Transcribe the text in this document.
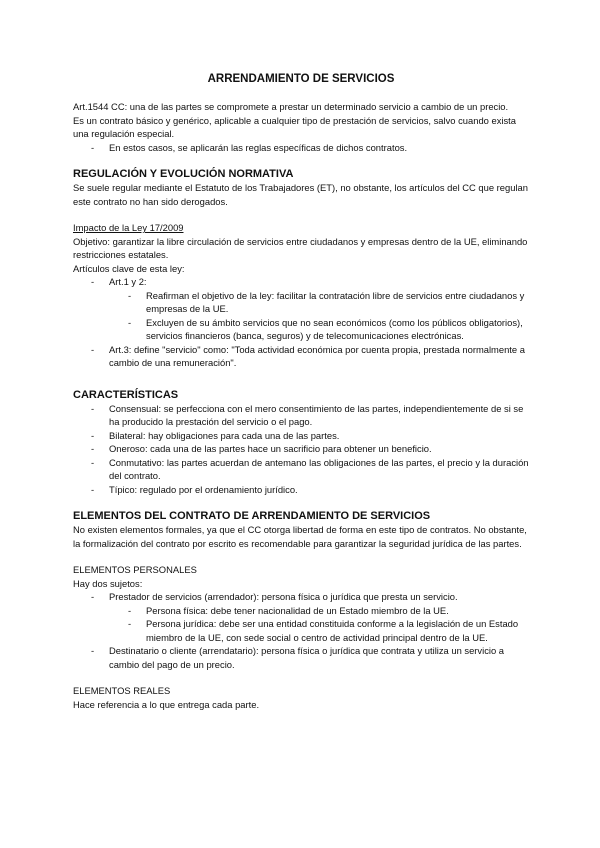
ARRENDAMIENTO DE SERVICIOS

Art.1544 CC: una de las partes se compromete a prestar un determinado servicio a cambio de un precio.

Es un contrato básico y genérico, aplicable a cualquier tipo de prestación de servicios, salvo cuando exista una regulación especial.

- En estos casos, se aplicarán las reglas específicas de dichos contratos.
REGULACIÓN Y EVOLUCIÓN NORMATIVA

Se suele regular mediante el Estatuto de los Trabajadores (ET), no obstante, los artículos del CC que regulan este contrato no han sido derogados.

Impacto de la Ley 17/2009

Objetivo: garantizar la libre circulación de servicios entre ciudadanos y empresas dentro de la UE, eliminando restricciones estatales.

Artículos clave de esta ley:

- Art.1 y 2:
- Reafirman el objetivo de la ley: facilitar la contratación libre de servicios entre ciudadanos y empresas de la UE.
- Excluyen de su ámbito servicios que no sean económicos (como los públicos obligatorios), servicios financieros (banca, seguros) y de telecomunicaciones electrónicas.
- Art.3: define "servicio" como: "Toda actividad económica por cuenta propia, prestada normalmente a cambio de una remuneración".
CARACTERÍSTICAS
- Consensual: se perfecciona con el mero consentimiento de las partes, independientemente de si se ha producido la prestación del servicio o el pago.
- Bilateral: hay obligaciones para cada una de las partes.
- Oneroso: cada una de las partes hace un sacrificio para obtener un beneficio.
- Conmutativo: las partes acuerdan de antemano las obligaciones de las partes, el precio y la duración del contrato.
- Típico: regulado por el ordenamiento jurídico.
ELEMENTOS DEL CONTRATO DE ARRENDAMIENTO DE SERVICIOS

No existen elementos formales, ya que el CC otorga libertad de forma en este tipo de contratos. No obstante, la formalización del contrato por escrito es recomendable para garantizar la seguridad jurídica de las partes.

ELEMENTOS PERSONALES

Hay dos sujetos:

- Prestador de servicios (arrendador): persona física o jurídica que presta un servicio.
- Persona física: debe tener nacionalidad de un Estado miembro de la UE.
- Persona jurídica: debe ser una entidad constituida conforme a la legislación de un Estado miembro de la UE, con sede social o centro de actividad principal dentro de la UE.
- Destinatario o cliente (arrendatario): persona física o jurídica que contrata y utiliza un servicio a cambio del pago de un precio.

ELEMENTOS REALES

Hace referencia a lo que entrega cada parte.
